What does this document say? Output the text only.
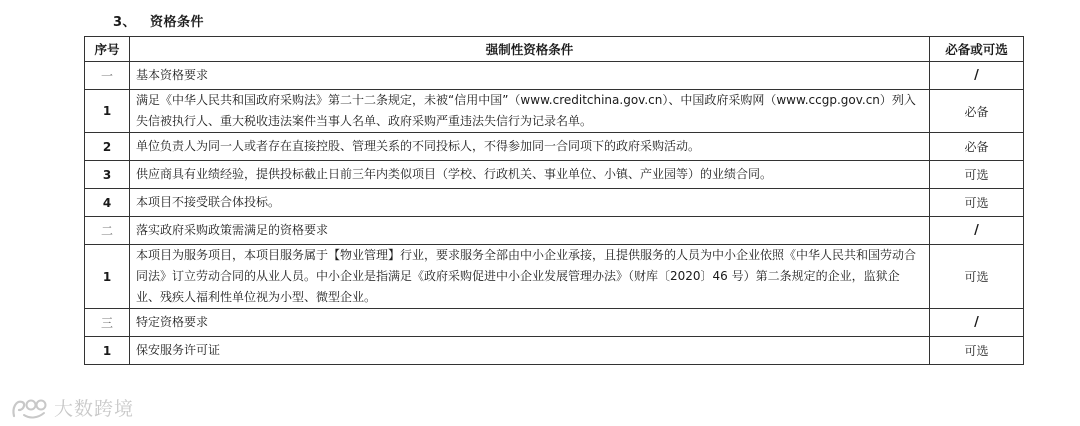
3、 资格条件
序号	强制性资格条件	必备或可选
一	基本资格要求	/
1	满足《中华人民共和国政府采购法》第二十二条规定，未被“信用中国”（www.creditchina.gov.cn）、中国政府采购网（www.ccgp.gov.cn）列入失信被执行人、重大税收违法案件当事人名单、政府采购严重违法失信行为记录名单。	必备
2	单位负责人为同一人或者存在直接控股、管理关系的不同投标人，不得参加同一合同项下的政府采购活动。	必备
3	供应商具有业绩经验，提供投标截止日前三年内类似项目（学校、行政机关、事业单位、小镇、产业园等）的业绩合同。	可选
4	本项目不接受联合体投标。	可选
二	落实政府采购政策需满足的资格要求	/
1	本项目为服务项目，本项目服务属于【物业管理】行业，要求服务全部由中小企业承接，且提供服务的人员为中小企业依照《中华人民共和国劳动合同法》订立劳动合同的从业人员。中小企业是指满足《政府采购促进中小企业发展管理办法》（财库〔2020〕46 号）第二条规定的企业，监狱企业、残疾人福利性单位视为小型、微型企业。	可选
三	特定资格要求	/
1	保安服务许可证	可选
大数跨境
